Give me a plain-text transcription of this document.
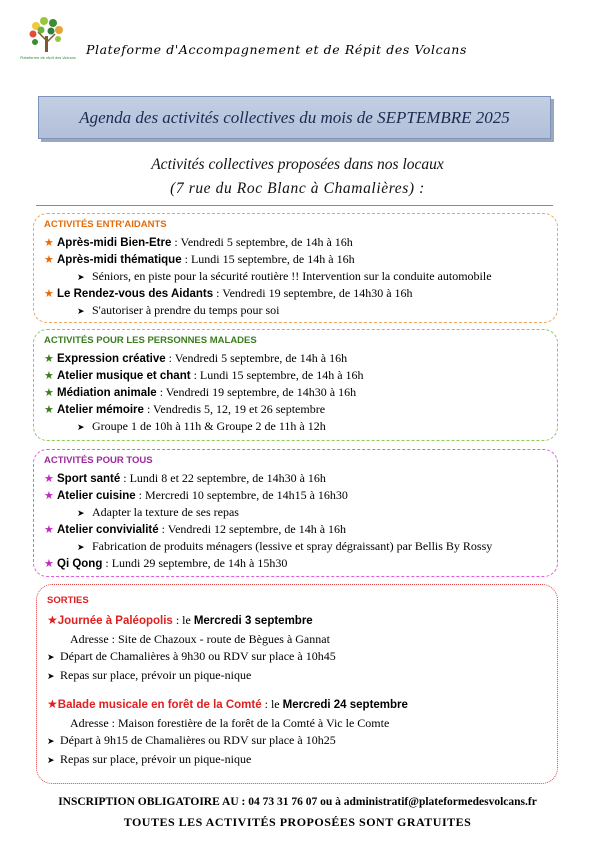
Plateforme de répit des Volcans
Plateforme d'Accompagnement et de Répit des Volcans
Agenda des activités collectives du mois de SEPTEMBRE 2025
Activités collectives proposées dans nos locaux
(7 rue du Roc Blanc à Chamalières) :
ACTIVITÉS ENTR'AIDANTS
★ Après-midi Bien-Etre : Vendredi 5 septembre, de 14h à 16h
★ Après-midi thématique : Lundi 15 septembre, de 14h à 16h
➤ Séniors, en piste pour la sécurité routière !! Intervention sur la conduite automobile
★ Le Rendez-vous des Aidants : Vendredi 19 septembre, de 14h30 à 16h
➤ S'autoriser à prendre du temps pour soi
ACTIVITÉS POUR LES PERSONNES MALADES
★ Expression créative : Vendredi 5 septembre, de 14h à 16h
★ Atelier musique et chant : Lundi 15 septembre, de 14h à 16h
★ Médiation animale : Vendredi 19 septembre, de 14h30 à 16h
★ Atelier mémoire : Vendredis 5, 12, 19 et 26 septembre
➤ Groupe 1 de 10h à 11h & Groupe 2 de 11h à 12h
ACTIVITÉS POUR TOUS
★ Sport santé : Lundi 8 et 22 septembre, de 14h30 à 16h
★ Atelier cuisine : Mercredi 10 septembre, de 14h15 à 16h30
➤ Adapter la texture de ses repas
★ Atelier convivialité : Vendredi 12 septembre, de 14h à 16h
➤ Fabrication de produits ménagers (lessive et spray dégraissant) par Bellis By Rossy
★ Qi Qong : Lundi 29 septembre, de 14h à 15h30
SORTIES
★Journée à Paléopolis : le Mercredi 3 septembre
Adresse : Site de Chazoux - route de Bègues à Gannat
➤ Départ de Chamalières à 9h30 ou RDV sur place à 10h45
➤ Repas sur place, prévoir un pique-nique
★Balade musicale en forêt de la Comté : le Mercredi 24 septembre
Adresse : Maison forestière de la forêt de la Comté à Vic le Comte
➤ Départ à 9h15 de Chamalières ou RDV sur place à 10h25
➤ Repas sur place, prévoir un pique-nique
INSCRIPTION OBLIGATOIRE AU : 04 73 31 76 07 ou à administratif@plateformedesvolcans.fr
TOUTES LES ACTIVITÉS PROPOSÉES SONT GRATUITES
